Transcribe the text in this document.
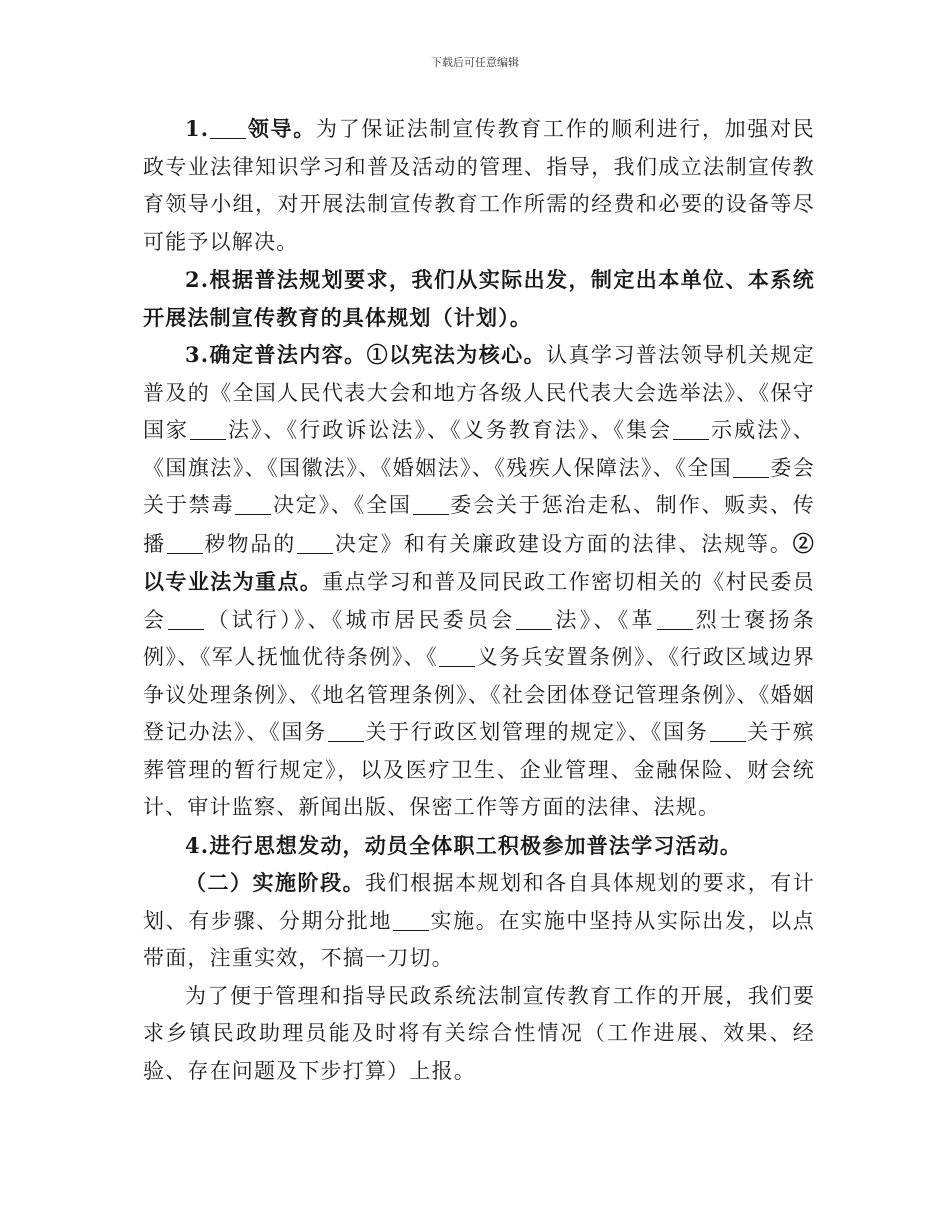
下载后可任意编辑

1. 领导。为了保证法制宣传教育工作的顺利进行，加强对民政专业法律知识学习和普及活动的管理、指导，我们成立法制宣传教育领导小组，对开展法制宣传教育工作所需的经费和必要的设备等尽可能予以解决。

2.根据普法规划要求，我们从实际出发，制定出本单位、本系统开展法制宣传教育的具体规划（计划）。

3.确定普法内容。①以宪法为核心。认真学习普法领导机关规定普及的《全国人民代表大会和地方各级人民代表大会选举法》、《保守国家 法》、《行政诉讼法》、《义务教育法》、《集会 示威法》、《国旗法》、《国徽法》、《婚姻法》、《残疾人保障法》、《全国 委会关于禁毒 决定》、《全国 委会关于惩治走私、制作、贩卖、传播 秽物品的 决定》和有关廉政建设方面的法律、法规等。②以专业法为重点。重点学习和普及同民政工作密切相关的《村民委员会 （试行）》、《城市居民委员会 法》、《革 烈士褒扬条例》、《军人抚恤优待条例》、《 义务兵安置条例》、《行政区域边界争议处理条例》、《地名管理条例》、《社会团体登记管理条例》、《婚姻登记办法》、《国务 关于行政区划管理的规定》、《国务 关于殡葬管理的暂行规定》，以及医疗卫生、企业管理、金融保险、财会统计、审计监察、新闻出版、保密工作等方面的法律、法规。

4.进行思想发动，动员全体职工积极参加普法学习活动。

（二）实施阶段。我们根据本规划和各自具体规划的要求，有计划、有步骤、分期分批地 实施。在实施中坚持从实际出发，以点带面，注重实效，不搞一刀切。

为了便于管理和指导民政系统法制宣传教育工作的开展，我们要求乡镇民政助理员能及时将有关综合性情况（工作进展、效果、经验、存在问题及下步打算）上报。
